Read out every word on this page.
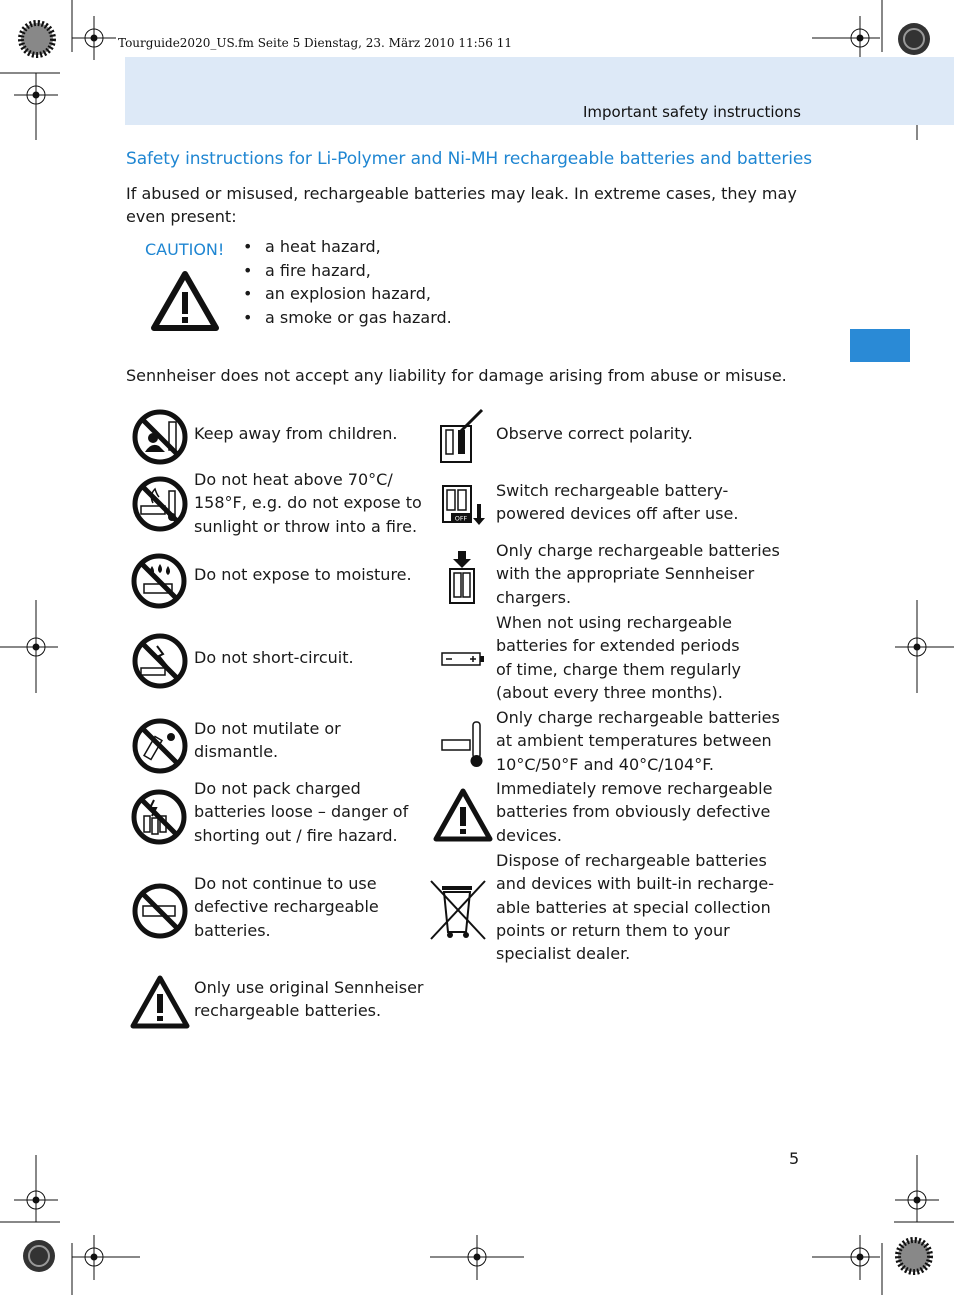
Tourguide2020_US.fm Seite 5 Dienstag, 23. März 2010 11:56 11
Important safety instructions
Safety instructions for Li-Polymer and Ni-MH rechargeable batteries and batteries
If abused or misused, rechargeable batteries may leak. In extreme cases, they may even present:
CAUTION!
•	a heat hazard,
• a fire hazard,
• an explosion hazard,
• a smoke or gas hazard.
Sennheiser does not accept any liability for damage arising from abuse or misuse.
Keep away from children.
Do not heat above 70°C/
158°F, e.g. do not expose to
sunlight or throw into a fire.
Do not expose to moisture.
Do not short-circuit.
Do not mutilate or
dismantle.
Do not pack charged
batteries loose – danger of
shorting out / fire hazard.
Do not continue to use
defective rechargeable
batteries.
Only use original Sennheiser
rechargeable batteries.
OFF
Observe correct polarity.
Switch rechargeable battery-
powered devices off after use.
Only charge rechargeable batteries
with the appropriate Sennheiser
chargers.
When not using rechargeable
batteries for extended periods
of time, charge them regularly
(about every three months).
Only charge rechargeable batteries
at ambient temperatures between
10°C/50°F and 40°C/104°F.
Immediately remove rechargeable
batteries from obviously defective
devices.
Dispose of rechargeable batteries
and devices with built-in recharge-
able batteries at special collection
points or return them to your
specialist dealer.
5
